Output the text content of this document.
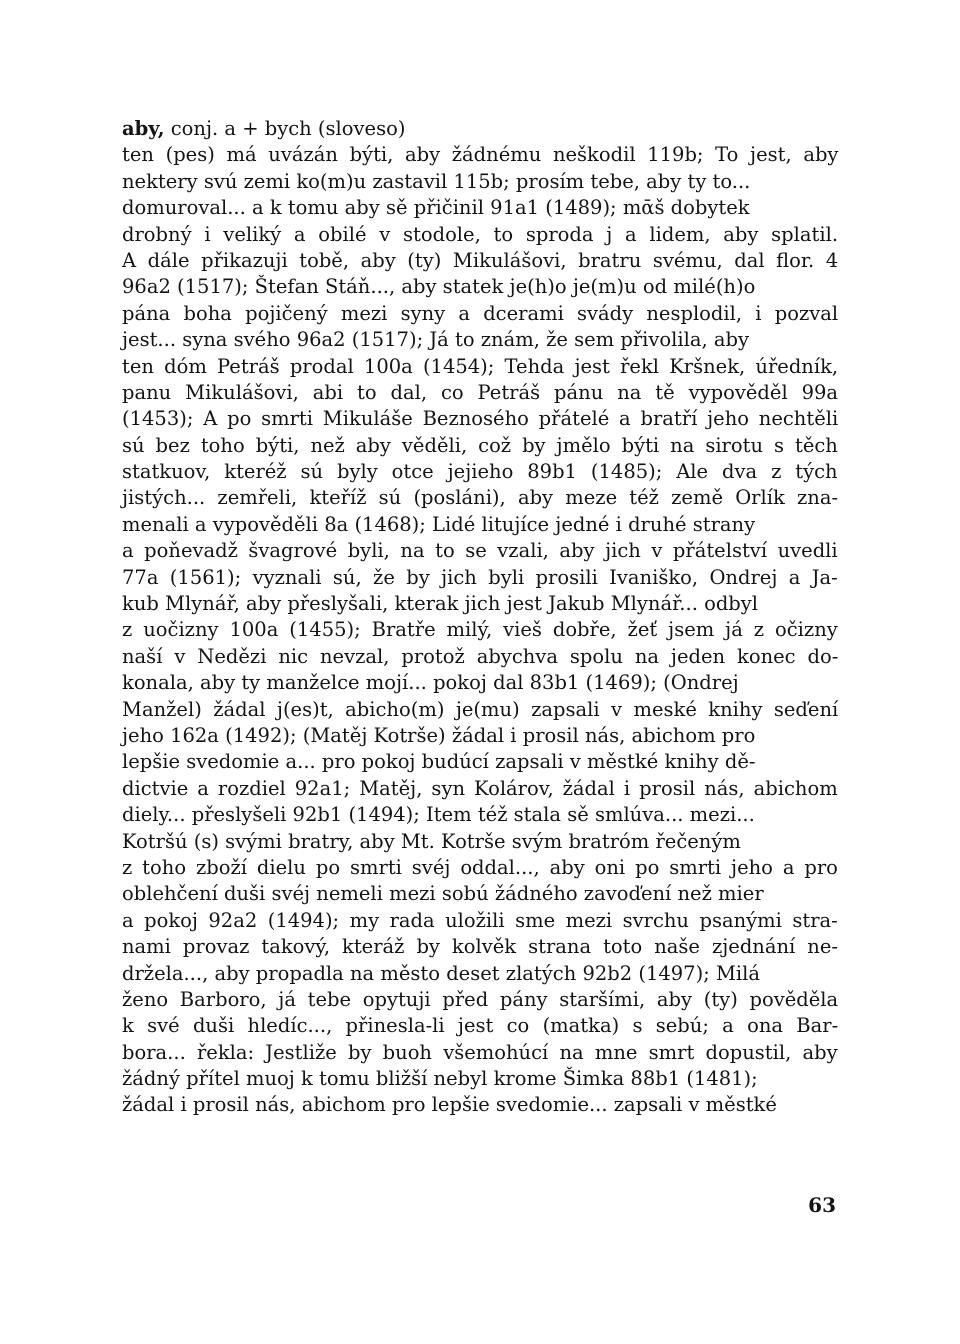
aby, conj. a + bych (sloveso)
ten (pes) má uvázán býti, aby žádnému neškodil 119b; To jest, aby
nektery svú zemi ko(m)u zastavil 115b; prosím tebe, aby ty to...
domuroval... a k tomu aby sě přičinil 91a1 (1489); mᾱš dobytek
drobný i veliký a obilé v stodole, to sproda j a lidem, aby splatil.
A dále přikazuji tobě, aby (ty) Mikulášovi, bratru svému, dal flor. 4
96a2 (1517); Štefan Stáň..., aby statek je(h)o je(m)u od milé(h)o
pána boha pojičený mezi syny a dcerami svády nesplodil, i pozval
jest... syna svého 96a2 (1517); Já to znám, že sem přivolila, aby
ten dóm Petráš prodal 100a (1454); Tehda jest řekl Kršnek, úředník,
panu Mikulášovi, abi to dal, co Petráš pánu na tě vypověděl 99a
(1453); A po smrti Mikuláše Beznosého přátelé a bratří jeho nechtěli
sú bez toho býti, než aby věděli, což by jmělo býti na sirotu s těch
statkuov, kteréž sú byly otce jejieho 89b1 (1485); Ale dva z tých
jistých... zemřeli, kteříž sú (posláni), aby meze též země Orlík zna-
menali a vypověděli 8a (1468); Lidé litujíce jedné i druhé strany
a poňevadž švagrové byli, na to se vzali, aby jich v přátelství uvedli
77a (1561); vyznali sú, že by jich byli prosili Ivaniško, Ondrej a Ja-
kub Mlynář, aby přeslyšali, kterak jich jest Jakub Mlynář... odbyl
z uočizny 100a (1455); Bratře milý, vieš dobře, žeť jsem já z očizny
naší v Nedězi nic nevzal, protož abychva spolu na jeden konec do-
konala, aby ty manželce mojí... pokoj dal 83b1 (1469); (Ondrej
Manžel) žádal j(es)t, abicho(m) je(mu) zapsali v meské knihy seďení
jeho 162a (1492); (Matěj Kotrše) žádal i prosil nás, abichom pro
lepšie svedomie a... pro pokoj budúcí zapsali v městké knihy dě-
dictvie a rozdiel 92a1; Matěj, syn Kolárov, žádal i prosil nás, abichom
diely... přeslyšeli 92b1 (1494); Item též stala sě smlúva... mezi...
Kotršú (s) svými bratry, aby Mt. Kotrše svým bratróm řečeným
z toho zboží dielu po smrti svéj oddal..., aby oni po smrti jeho a pro
oblehčení duši svéj nemeli mezi sobú žádného zavoďení než mier
a pokoj 92a2 (1494); my rada uložili sme mezi svrchu psanými stra-
nami provaz takový, kteráž by kolvěk strana toto naše zjednání ne-
držela..., aby propadla na město deset zlatých 92b2 (1497); Milá
ženo Barboro, já tebe opytuji před pány staršími, aby (ty) pověděla
k své duši hledíc..., přinesla-li jest co (matka) s sebú; a ona Bar-
bora... řekla: Jestliže by buoh všemohúcí na mne smrt dopustil, aby
žádný přítel muoj k tomu bližší nebyl krome Šimka 88b1 (1481);
žádal i prosil nás, abichom pro lepšie svedomie... zapsali v městké
63
